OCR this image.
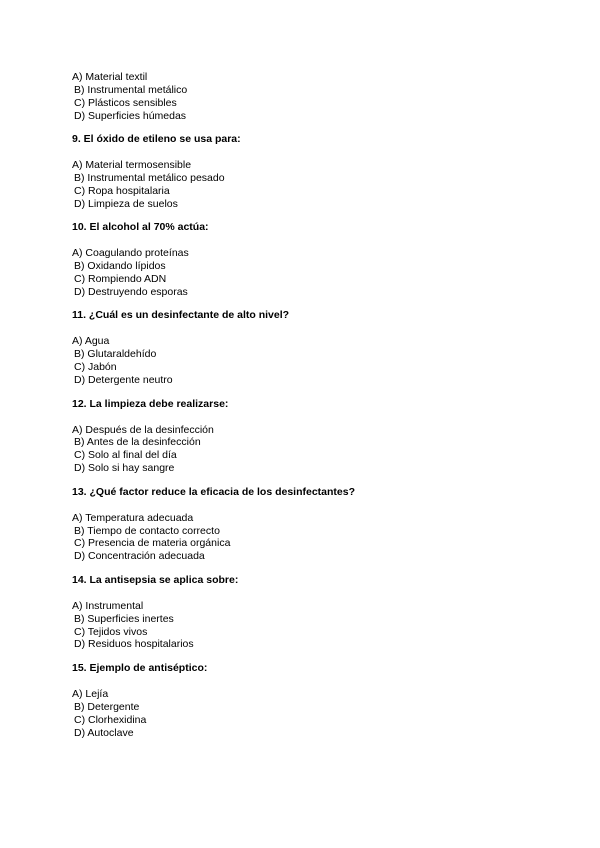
A) Material textil
B) Instrumental metálico
C) Plásticos sensibles
D) Superficies húmedas

9. El óxido de etileno se usa para:

A) Material termosensible
B) Instrumental metálico pesado
C) Ropa hospitalaria
D) Limpieza de suelos

10. El alcohol al 70% actúa:

A) Coagulando proteínas
B) Oxidando lípidos
C) Rompiendo ADN
D) Destruyendo esporas

11. ¿Cuál es un desinfectante de alto nivel?

A) Agua
B) Glutaraldehído
C) Jabón
D) Detergente neutro

12. La limpieza debe realizarse:

A) Después de la desinfección
B) Antes de la desinfección
C) Solo al final del día
D) Solo si hay sangre

13. ¿Qué factor reduce la eficacia de los desinfectantes?

A) Temperatura adecuada
B) Tiempo de contacto correcto
C) Presencia de materia orgánica
D) Concentración adecuada

14. La antisepsia se aplica sobre:

A) Instrumental
B) Superficies inertes
C) Tejidos vivos
D) Residuos hospitalarios

15. Ejemplo de antiséptico:

A) Lejía
B) Detergente
C) Clorhexidina
D) Autoclave
